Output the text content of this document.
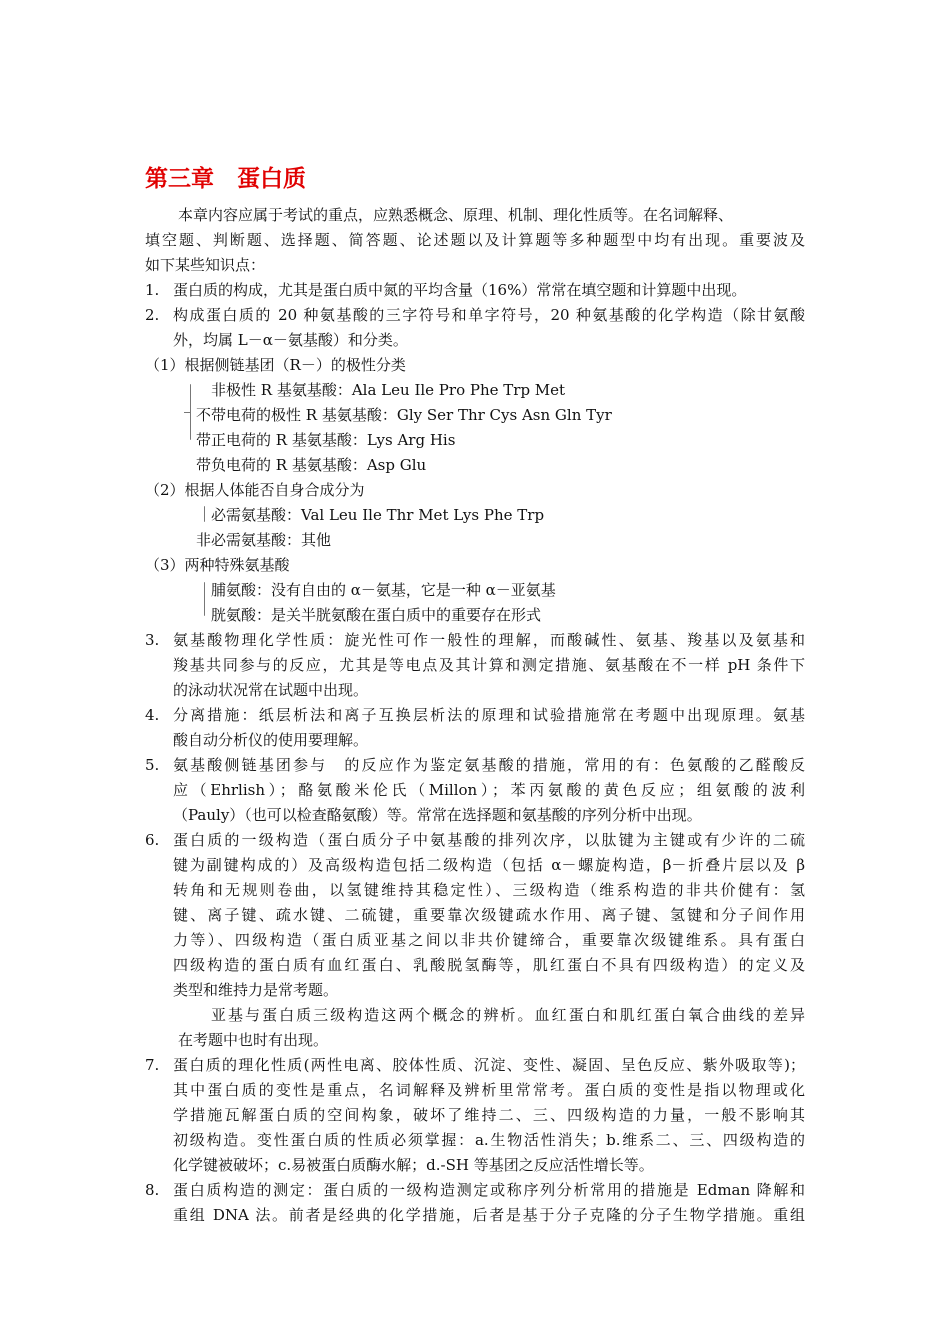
第三章　蛋白质
本章内容应属于考试的重点，应熟悉概念、原理、机制、理化性质等。在名词解释、
填空题、判断题、选择题、简答题、论述题以及计算题等多种题型中均有出现。重要波及
如下某些知识点：
1. 蛋白质的构成，尤其是蛋白质中氮的平均含量（16%）常常在填空题和计算题中出现。
2. 构成蛋白质的 20 种氨基酸的三字符号和单字符号，20 种氨基酸的化学构造（除甘氨酸
外，均属 L－α－氨基酸）和分类。
（1）根据侧链基团（R－）的极性分类
非极性 R 基氨基酸：Ala Leu Ile Pro Phe Trp Met
不带电荷的极性 R 基氨基酸：Gly Ser Thr Cys Asn Gln Tyr
带正电荷的 R 基氨基酸：Lys Arg His
带负电荷的 R 基氨基酸：Asp Glu
（2）根据人体能否自身合成分为
必需氨基酸：Val Leu Ile Thr Met Lys Phe Trp
非必需氨基酸：其他
（3）两种特殊氨基酸
脯氨酸：没有自由的 α－氨基，它是一种 α－亚氨基
胱氨酸：是关半胱氨酸在蛋白质中的重要存在形式
3. 氨基酸物理化学性质：旋光性可作一般性的理解，而酸碱性、氨基、羧基以及氨基和
羧基共同参与的反应，尤其是等电点及其计算和测定措施、氨基酸在不一样 pH 条件下
的泳动状况常在试题中出现。
4. 分离措施：纸层析法和离子互换层析法的原理和试验措施常在考题中出现原理。氨基
酸自动分析仪的使用要理解。
5. 氨基酸侧链基团参与　的反应作为鉴定氨基酸的措施，常用的有：色氨酸的乙醛酸反
应（Ehrlish）；酪氨酸米伦氏（Millon）；苯丙氨酸的黄色反应；组氨酸的波利
（Pauly）（也可以检查酪氨酸）等。常常在选择题和氨基酸的序列分析中出现。
6. 蛋白质的一级构造（蛋白质分子中氨基酸的排列次序，以肽键为主键或有少许的二硫
键为副键构成的）及高级构造包括二级构造（包括 α－螺旋构造，β－折叠片层以及 β
转角和无规则卷曲，以氢键维持其稳定性）、三级构造（维系构造的非共价健有：氢
键、离子键、疏水键、二硫键，重要靠次级键疏水作用、离子键、氢键和分子间作用
力等）、四级构造（蛋白质亚基之间以非共价键缔合，重要靠次级键维系。具有蛋白
四级构造的蛋白质有血红蛋白、乳酸脱氢酶等，肌红蛋白不具有四级构造）的定义及
类型和维持力是常考题。
亚基与蛋白质三级构造这两个概念的辨析。血红蛋白和肌红蛋白氧合曲线的差异
在考题中也时有出现。
7. 蛋白质的理化性质(两性电离、胶体性质、沉淀、变性、凝固、呈色反应、紫外吸取等)；
其中蛋白质的变性是重点，名词解释及辨析里常常考。蛋白质的变性是指以物理或化
学措施瓦解蛋白质的空间构象，破坏了维持二、三、四级构造的力量，一般不影响其
初级构造。变性蛋白质的性质必须掌握：a.生物活性消失；b.维系二、三、四级构造的
化学键被破坏；c.易被蛋白质酶水解；d.-SH 等基团之反应活性增长等。
8. 蛋白质构造的测定：蛋白质的一级构造测定或称序列分析常用的措施是 Edman 降解和
重组 DNA 法。前者是经典的化学措施，后者是基于分子克隆的分子生物学措施。重组
